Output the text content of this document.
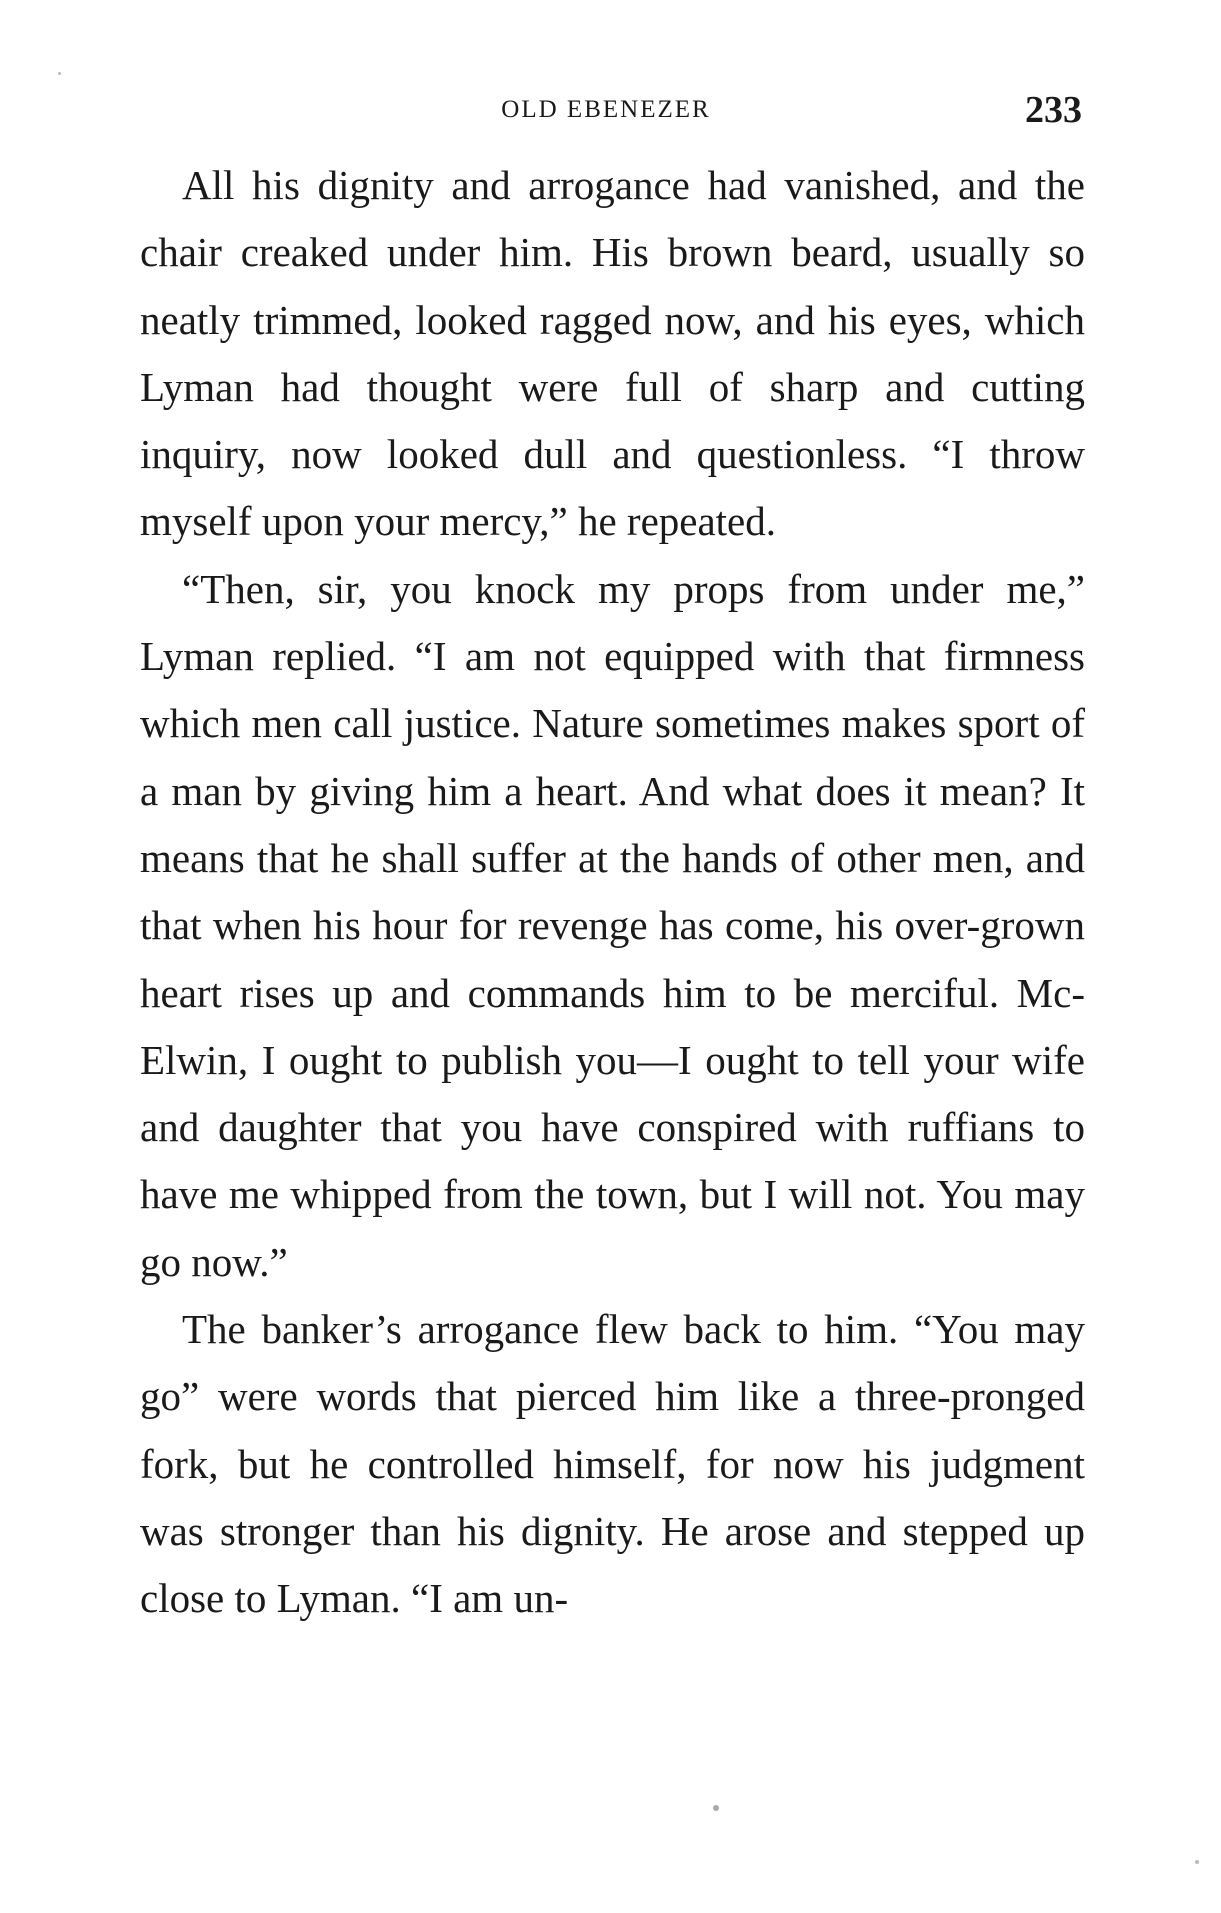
OLD EBENEZER	233

All his dignity and arrogance had vanished, and the chair creaked under him. His brown beard, usually so neatly trimmed, looked ragged now, and his eyes, which Lyman had thought were full of sharp and cutting inquiry, now looked dull and questionless. “I throw myself upon your mercy,” he repeated.

“Then, sir, you knock my props from under me,” Lyman replied. “I am not equipped with that firmness which men call justice. Nature sometimes makes sport of a man by giving him a heart. And what does it mean? It means that he shall suffer at the hands of other men, and that when his hour for revenge has come, his over-grown heart rises up and commands him to be merciful. McElwin, I ought to publish you—I ought to tell your wife and daughter that you have conspired with ruffians to have me whipped from the town, but I will not. You may go now.”

The banker’s arrogance flew back to him. “You may go” were words that pierced him like a three-pronged fork, but he controlled himself, for now his judgment was stronger than his dignity. He arose and stepped up close to Lyman. “I am un-
